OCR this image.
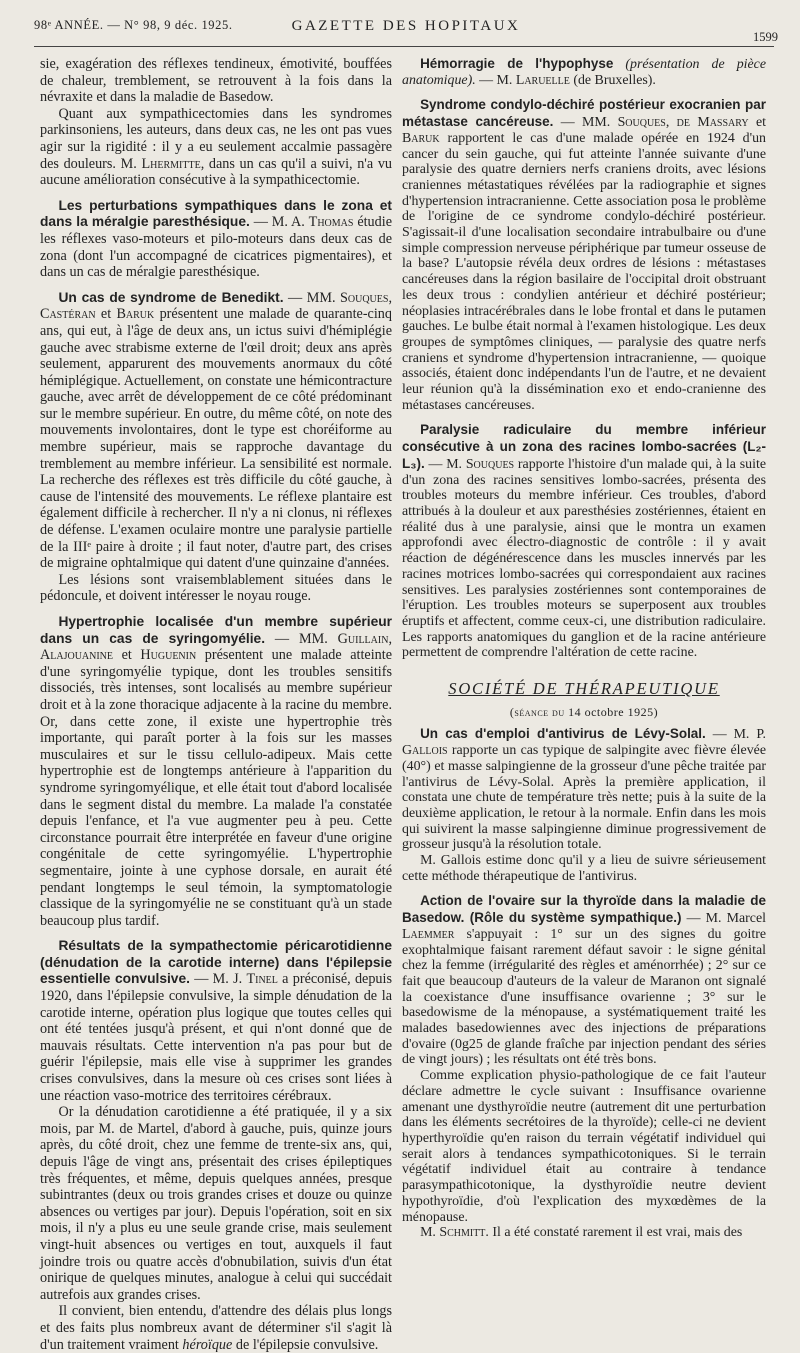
98ᵉ ANNÉE. — N° 98, 9 déc. 1925.	GAZETTE DES HOPITAUX
1599

sie, exagération des réflexes tendineux, émotivité, bouffées de chaleur, tremblement, se retrouvent à la fois dans la névraxite et dans la maladie de Basedow.

Quant aux sympathicectomies dans les syndromes parkinsoniens, les auteurs, dans deux cas, ne les ont pas vues agir sur la rigidité : il y a eu seulement accalmie passagère des douleurs. M. Lhermitte, dans un cas qu'il a suivi, n'a vu aucune amélioration consécutive à la sympathicectomie.

Les perturbations sympathiques dans le zona et dans la méralgie paresthésique. — M. A. Thomas étudie les réflexes vaso-moteurs et pilo-moteurs dans deux cas de zona (dont l'un accompagné de cicatrices pigmentaires), et dans un cas de méralgie paresthésique.

Un cas de syndrome de Benedikt. — MM. Souques, Castéran et Baruk présentent une malade de quarante-cinq ans, qui eut, à l'âge de deux ans, un ictus suivi d'hémiplégie gauche avec strabisme externe de l'œil droit; deux ans après seulement, apparurent des mouvements anormaux du côté hémiplégique. Actuellement, on constate une hémicontracture gauche, avec arrêt de développement de ce côté prédominant sur le membre supérieur. En outre, du même côté, on note des mouvements involontaires, dont le type est choréiforme au membre supérieur, mais se rapproche davantage du tremblement au membre inférieur. La sensibilité est normale. La recherche des réflexes est très difficile du côté gauche, à cause de l'intensité des mouvements. Le réflexe plantaire est également difficile à rechercher. Il n'y a ni clonus, ni réflexes de défense. L'examen oculaire montre une paralysie partielle de la IIIᵉ paire à droite ; il faut noter, d'autre part, des crises de migraine ophtalmique qui datent d'une quinzaine d'années.

Les lésions sont vraisemblablement situées dans le pédoncule, et doivent intéresser le noyau rouge.

Hypertrophie localisée d'un membre supérieur dans un cas de syringomyélie. — MM. Guillain, Alajouanine et Huguenin présentent une malade atteinte d'une syringomyélie typique, dont les troubles sensitifs dissociés, très intenses, sont localisés au membre supérieur droit et à la zone thoracique adjacente à la racine du membre. Or, dans cette zone, il existe une hypertrophie très importante, qui paraît porter à la fois sur les masses musculaires et sur le tissu cellulo-adipeux. Mais cette hypertrophie est de longtemps antérieure à l'apparition du syndrome syringomyélique, et elle était tout d'abord localisée dans le segment distal du membre. La malade l'a constatée depuis l'enfance, et l'a vue augmenter peu à peu. Cette circonstance pourrait être interprétée en faveur d'une origine congénitale de cette syringomyélie. L'hypertrophie segmentaire, jointe à une cyphose dorsale, en aurait été pendant longtemps le seul témoin, la symptomatologie classique de la syringomyélie ne se constituant qu'à un stade beaucoup plus tardif.

Résultats de la sympathectomie péricarotidienne (dénudation de la carotide interne) dans l'épilepsie essentielle convulsive. — M. J. Tinel a préconisé, depuis 1920, dans l'épilepsie convulsive, la simple dénudation de la carotide interne, opération plus logique que toutes celles qui ont été tentées jusqu'à présent, et qui n'ont donné que de mauvais résultats. Cette intervention n'a pas pour but de guérir l'épilepsie, mais elle vise à supprimer les grandes crises convulsives, dans la mesure où ces crises sont liées à une réaction vaso-motrice des territoires cérébraux.

Or la dénudation carotidienne a été pratiquée, il y a six mois, par M. de Martel, d'abord à gauche, puis, quinze jours après, du côté droit, chez une femme de trente-six ans, qui, depuis l'âge de vingt ans, présentait des crises épileptiques très fréquentes, et même, depuis quelques années, presque subintrantes (deux ou trois grandes crises et douze ou quinze absences ou vertiges par jour). Depuis l'opération, soit en six mois, il n'y a plus eu une seule grande crise, mais seulement vingt-huit absences ou vertiges en tout, auxquels il faut joindre trois ou quatre accès d'obnubilation, suivis d'un état onirique de quelques minutes, analogue à celui qui succédait autrefois aux grandes crises.

Il convient, bien entendu, d'attendre des délais plus longs et des faits plus nombreux avant de déterminer s'il s'agit là d'un traitement vraiment héroïque de l'épilepsie convulsive.

Hémorragie de l'hypophyse (présentation de pièce anatomique). — M. Laruelle (de Bruxelles).

Syndrome condylo-déchiré postérieur exocranien par métastase cancéreuse. — MM. Souques, de Massary et Baruk rapportent le cas d'une malade opérée en 1924 d'un cancer du sein gauche, qui fut atteinte l'année suivante d'une paralysie des quatre derniers nerfs craniens droits, avec lésions craniennes métastatiques révélées par la radiographie et signes d'hypertension intracranienne. Cette association posa le problème de l'origine de ce syndrome condylo-déchiré postérieur. S'agissait-il d'une localisation secondaire intrabulbaire ou d'une simple compression nerveuse périphérique par tumeur osseuse de la base? L'autopsie révéla deux ordres de lésions : métastases cancéreuses dans la région basilaire de l'occipital droit obstruant les deux trous : condylien antérieur et déchiré postérieur; néoplasies intracérébrales dans le lobe frontal et dans le putamen gauches. Le bulbe était normal à l'examen histologique. Les deux groupes de symptômes cliniques, — paralysie des quatre nerfs craniens et syndrome d'hypertension intracranienne, — quoique associés, étaient donc indépendants l'un de l'autre, et ne devaient leur réunion qu'à la dissémination exo et endo-cranienne des métastases cancéreuses.

Paralysie radiculaire du membre inférieur consécutive à un zona des racines lombo-sacrées (L₂-L₃). — M. Souques rapporte l'histoire d'un malade qui, à la suite d'un zona des racines sensitives lombo-sacrées, présenta des troubles moteurs du membre inférieur. Ces troubles, d'abord attribués à la douleur et aux paresthésies zostériennes, étaient en réalité dus à une paralysie, ainsi que le montra un examen approfondi avec électro-diagnostic de contrôle : il y avait réaction de dégénérescence dans les muscles innervés par les racines motrices lombo-sacrées qui correspondaient aux racines sensitives. Les paralysies zostériennes sont contemporaines de l'éruption. Les troubles moteurs se superposent aux troubles éruptifs et affectent, comme ceux-ci, une distribution radiculaire. Les rapports anatomiques du ganglion et de la racine antérieure permettent de comprendre l'altération de cette racine.

SOCIÉTÉ DE THÉRAPEUTIQUE
(séance du 14 octobre 1925)

Un cas d'emploi d'antivirus de Lévy-Solal. — M. P. Gallois rapporte un cas typique de salpingite avec fièvre élevée (40°) et masse salpingienne de la grosseur d'une pêche traitée par l'antivirus de Lévy-Solal. Après la première application, il constata une chute de température très nette; puis à la suite de la deuxième application, le retour à la normale. Enfin dans les mois qui suivirent la masse salpingienne diminue progressivement de grosseur jusqu'à la résolution totale.

M. Gallois estime donc qu'il y a lieu de suivre sérieusement cette méthode thérapeutique de l'antivirus.

Action de l'ovaire sur la thyroïde dans la maladie de Basedow. (Rôle du système sympathique.) — M. Marcel Laemmer s'appuyait : 1° sur un des signes du goitre exophtalmique faisant rarement défaut savoir : le signe génital chez la femme (irrégularité des règles et aménorrhée) ; 2° sur ce fait que beaucoup d'auteurs de la valeur de Maranon ont signalé la coexistance d'une insuffisance ovarienne ; 3° sur le basedowisme de la ménopause, a systématiquement traité les malades basedowiennes avec des injections de préparations d'ovaire (0g25 de glande fraîche par injection pendant des séries de vingt jours) ; les résultats ont été très bons.

Comme explication physio-pathologique de ce fait l'auteur déclare admettre le cycle suivant : Insuffisance ovarienne amenant une dysthyroïdie neutre (autrement dit une perturbation dans les éléments secrétoires de la thyroïde); celle-ci ne devient hyperthyroïdie qu'en raison du terrain végétatif individuel qui serait alors à tendances sympathicotoniques. Si le terrain végétatif individuel était au contraire à tendance parasympathicotonique, la dysthyroïdie neutre devient hypothyroïdie, d'où l'explication des myxœdèmes de la ménopause.

M. Schmitt. Il a été constaté rarement il est vrai, mais des
